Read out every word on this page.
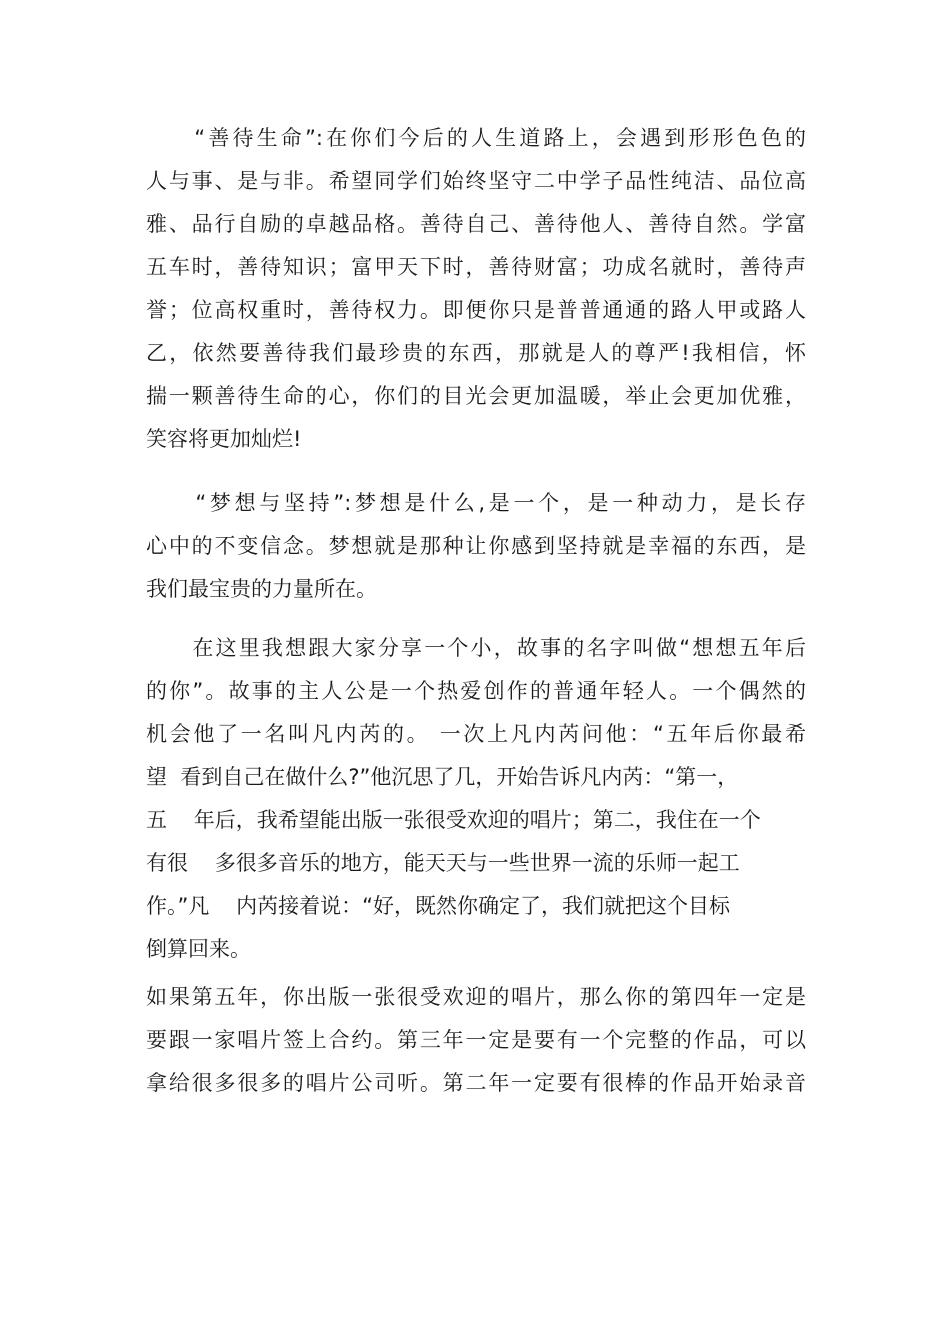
　　“善待生命”:在你们今后的人生道路上，会遇到形形色色的

人与事、是与非。希望同学们始终坚守二中学子品性纯洁、品位高

雅、品行自励的卓越品格。善待自己、善待他人、善待自然。学富

五车时，善待知识；富甲天下时，善待财富；功成名就时，善待声

誉；位高权重时，善待权力。即便你只是普普通通的路人甲或路人

乙，依然要善待我们最珍贵的东西，那就是人的尊严!我相信，怀

揣一颗善待生命的心，你们的目光会更加温暖，举止会更加优雅，

笑容将更加灿烂!

　　“梦想与坚持”:梦想是什么,是一个，是一种动力，是长存

心中的不变信念。梦想就是那种让你感到坚持就是幸福的东西，是

我们最宝贵的力量所在。

　　在这里我想跟大家分享一个小，故事的名字叫做“想想五年后

的你”。故事的主人公是一个热爱创作的普通年轻人。一个偶然的

机会他了一名叫凡内芮的。 一次上凡内芮问他：“五年后你最希

望  看到自己在做什么?”他沉思了几，开始告诉凡内芮：“第一，

五    年后，我希望能出版一张很受欢迎的唱片；第二，我住在一个

有很    多很多音乐的地方，能天天与一些世界一流的乐师一起工

作。”凡    内芮接着说：“好，既然你确定了，我们就把这个目标

倒算回来。

如果第五年，你出版一张很受欢迎的唱片，那么你的第四年一定是

要跟一家唱片签上合约。第三年一定是要有一个完整的作品，可以

拿给很多很多的唱片公司听。第二年一定要有很棒的作品开始录音
